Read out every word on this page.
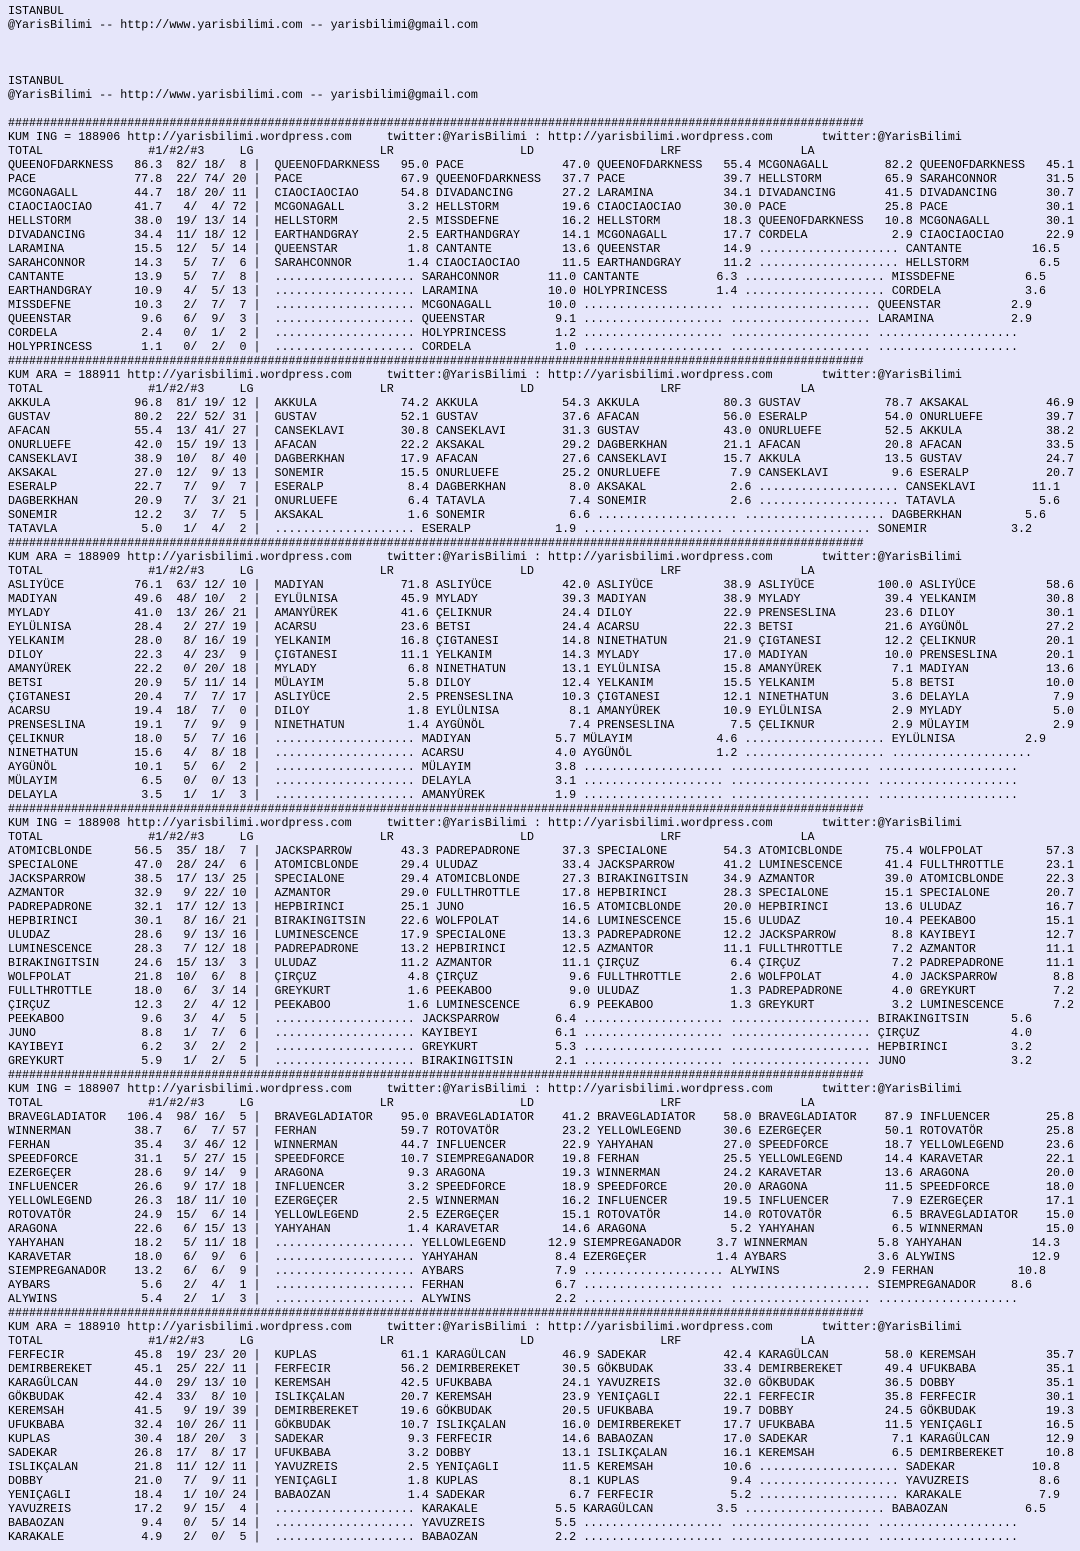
ISTANBUL
@YarisBilimi -- http://www.yarisbilimi.com -- yarisbilimi@gmail.com

ISTANBUL
@YarisBilimi -- http://www.yarisbilimi.com -- yarisbilimi@gmail.com

##########################################################################################################################
KUM ING = 188906 http://yarisbilimi.wordpress.com     twitter:@YarisBilimi : http://yarisbilimi.wordpress.com       twitter:@YarisBilimi
TOTAL               #1/#2/#3     LG                  LR                  LD                  LRF                 LA
QUEENOFDARKNESS   86.3  82/ 18/  8 |  QUEENOFDARKNESS   95.0 PACE              47.0 QUEENOFDARKNESS   55.4 MCGONAGALL        82.2 QUEENOFDARKNESS   45.1
PACE              77.8  22/ 74/ 20 |  PACE              67.9 QUEENOFDARKNESS   37.7 PACE              39.7 HELLSTORM         65.9 SARAHCONNOR       31.5
MCGONAGALL        44.7  18/ 20/ 11 |  CIAOCIAOCIAO      54.8 DIVADANCING       27.2 LARAMINA          34.1 DIVADANCING       41.5 DIVADANCING       30.7
CIAOCIAOCIAO      41.7   4/  4/ 72 |  MCGONAGALL         3.2 HELLSTORM         19.6 CIAOCIAOCIAO      30.0 PACE              25.8 PACE              30.1
HELLSTORM         38.0  19/ 13/ 14 |  HELLSTORM          2.5 MISSDEFNE         16.2 HELLSTORM         18.3 QUEENOFDARKNESS   10.8 MCGONAGALL        30.1
DIVADANCING       34.4  11/ 18/ 12 |  EARTHANDGRAY       2.5 EARTHANDGRAY      14.1 MCGONAGALL        17.7 CORDELA            2.9 CIAOCIAOCIAO      22.9
LARAMINA          15.5  12/  5/ 14 |  QUEENSTAR          1.8 CANTANTE          13.6 QUEENSTAR         14.9 .................... CANTANTE          16.5
SARAHCONNOR       14.3   5/  7/  6 |  SARAHCONNOR        1.4 CIAOCIAOCIAO      11.5 EARTHANDGRAY      11.2 .................... HELLSTORM          6.5
CANTANTE          13.9   5/  7/  8 |  .................... SARAHCONNOR       11.0 CANTANTE           6.3 .................... MISSDEFNE          6.5
EARTHANDGRAY      10.9   4/  5/ 13 |  .................... LARAMINA          10.0 HOLYPRINCESS       1.4 .................... CORDELA            3.6
MISSDEFNE         10.3   2/  7/  7 |  .................... MCGONAGALL        10.0 .................... .................... QUEENSTAR          2.9
QUEENSTAR          9.6   6/  9/  3 |  .................... QUEENSTAR          9.1 .................... .................... LARAMINA           2.9
CORDELA            2.4   0/  1/  2 |  .................... HOLYPRINCESS       1.2 .................... .................... ....................
HOLYPRINCESS       1.1   0/  2/  0 |  .................... CORDELA            1.0 .................... .................... ....................
##########################################################################################################################
KUM ARA = 188911 http://yarisbilimi.wordpress.com     twitter:@YarisBilimi : http://yarisbilimi.wordpress.com       twitter:@YarisBilimi
TOTAL               #1/#2/#3     LG                  LR                  LD                  LRF                 LA
AKKULA            96.8  81/ 19/ 12 |  AKKULA            74.2 AKKULA            54.3 AKKULA            80.3 GUSTAV            78.7 AKSAKAL           46.9
GUSTAV            80.2  22/ 52/ 31 |  GUSTAV            52.1 GUSTAV            37.6 AFACAN            56.0 ESERALP           54.0 ONURLUEFE         39.7
AFACAN            55.4  13/ 41/ 27 |  CANSEKLAVI        30.8 CANSEKLAVI        31.3 GUSTAV            43.0 ONURLUEFE         52.5 AKKULA            38.2
ONURLUEFE         42.0  15/ 19/ 13 |  AFACAN            22.2 AKSAKAL           29.2 DAGBERKHAN        21.1 AFACAN            20.8 AFACAN            33.5
CANSEKLAVI        38.9  10/  8/ 40 |  DAGBERKHAN        17.9 AFACAN            27.6 CANSEKLAVI        15.7 AKKULA            13.5 GUSTAV            24.7
AKSAKAL           27.0  12/  9/ 13 |  SONEMIR           15.5 ONURLUEFE         25.2 ONURLUEFE          7.9 CANSEKLAVI         9.6 ESERALP           20.7
ESERALP           22.7   7/  9/  7 |  ESERALP            8.4 DAGBERKHAN         8.0 AKSAKAL            2.6 .................... CANSEKLAVI        11.1
DAGBERKHAN        20.9   7/  3/ 21 |  ONURLUEFE          6.4 TATAVLA            7.4 SONEMIR            2.6 .................... TATAVLA            5.6
SONEMIR           12.2   3/  7/  5 |  AKSAKAL            1.6 SONEMIR            6.6 .................... .................... DAGBERKHAN         5.6
TATAVLA            5.0   1/  4/  2 |  .................... ESERALP            1.9 .................... .................... SONEMIR            3.2
##########################################################################################################################
KUM ARA = 188909 http://yarisbilimi.wordpress.com     twitter:@YarisBilimi : http://yarisbilimi.wordpress.com       twitter:@YarisBilimi
TOTAL               #1/#2/#3     LG                  LR                  LD                  LRF                 LA
ASLIYÜCE          76.1  63/ 12/ 10 |  MADIYAN           71.8 ASLIYÜCE          42.0 ASLIYÜCE          38.9 ASLIYÜCE         100.0 ASLIYÜCE          58.6
MADIYAN           49.6  48/ 10/  2 |  EYLÜLNISA         45.9 MYLADY            39.3 MADIYAN           38.9 MYLADY            39.4 YELKANIM          30.8
MYLADY            41.0  13/ 26/ 21 |  AMANYÜREK         41.6 ÇELIKNUR          24.4 DILOY             22.9 PRENSESLINA       23.6 DILOY             30.1
EYLÜLNISA         28.4   2/ 27/ 19 |  ACARSU            23.6 BETSI             24.4 ACARSU            22.3 BETSI             21.6 AYGÜNÖL           27.2
YELKANIM          28.0   8/ 16/ 19 |  YELKANIM          16.8 ÇIGTANESI         14.8 NINETHATUN        21.9 ÇIGTANESI         12.2 ÇELIKNUR          20.1
DILOY             22.3   4/ 23/  9 |  ÇIGTANESI         11.1 YELKANIM          14.3 MYLADY            17.0 MADIYAN           10.0 PRENSESLINA       20.1
AMANYÜREK         22.2   0/ 20/ 18 |  MYLADY             6.8 NINETHATUN        13.1 EYLÜLNISA         15.8 AMANYÜREK          7.1 MADIYAN           13.6
BETSI             20.9   5/ 11/ 14 |  MÜLAYIM            5.8 DILOY             12.4 YELKANIM          15.5 YELKANIM           5.8 BETSI             10.0
ÇIGTANESI         20.4   7/  7/ 17 |  ASLIYÜCE           2.5 PRENSESLINA       10.3 ÇIGTANESI         12.1 NINETHATUN         3.6 DELAYLA            7.9
ACARSU            19.4  18/  7/  0 |  DILOY              1.8 EYLÜLNISA          8.1 AMANYÜREK         10.9 EYLÜLNISA          2.9 MYLADY             5.0
PRENSESLINA       19.1   7/  9/  9 |  NINETHATUN         1.4 AYGÜNÖL            7.4 PRENSESLINA        7.5 ÇELIKNUR           2.9 MÜLAYIM            2.9
ÇELIKNUR          18.0   5/  7/ 16 |  .................... MADIYAN            5.7 MÜLAYIM            4.6 .................... EYLÜLNISA          2.9
NINETHATUN        15.6   4/  8/ 18 |  .................... ACARSU             4.0 AYGÜNÖL            1.2 .................... ....................
AYGÜNÖL           10.1   5/  6/  2 |  .................... MÜLAYIM            3.8 .................... .................... ....................
MÜLAYIM            6.5   0/  0/ 13 |  .................... DELAYLA            3.1 .................... .................... ....................
DELAYLA            3.5   1/  1/  3 |  .................... AMANYÜREK          1.9 .................... .................... ....................
##########################################################################################################################
KUM ING = 188908 http://yarisbilimi.wordpress.com     twitter:@YarisBilimi : http://yarisbilimi.wordpress.com       twitter:@YarisBilimi
TOTAL               #1/#2/#3     LG                  LR                  LD                  LRF                 LA
ATOMICBLONDE      56.5  35/ 18/  7 |  JACKSPARROW       43.3 PADREPADRONE      37.3 SPECIALONE        54.3 ATOMICBLONDE      75.4 WOLFPOLAT         57.3
SPECIALONE        47.0  28/ 24/  6 |  ATOMICBLONDE      29.4 ULUDAZ            33.4 JACKSPARROW       41.2 LUMINESCENCE      41.4 FULLTHROTTLE      23.1
JACKSPARROW       38.5  17/ 13/ 25 |  SPECIALONE        29.4 ATOMICBLONDE      27.3 BIRAKINGITSIN     34.9 AZMANTOR          39.0 ATOMICBLONDE      22.3
AZMANTOR          32.9   9/ 22/ 10 |  AZMANTOR          29.0 FULLTHROTTLE      17.8 HEPBIRINCI        28.3 SPECIALONE        15.1 SPECIALONE        20.7
PADREPADRONE      32.1  17/ 12/ 13 |  HEPBIRINCI        25.1 JUNO              16.5 ATOMICBLONDE      20.0 HEPBIRINCI        13.6 ULUDAZ            16.7
HEPBIRINCI        30.1   8/ 16/ 21 |  BIRAKINGITSIN     22.6 WOLFPOLAT         14.6 LUMINESCENCE      15.6 ULUDAZ            10.4 PEEKABOO          15.1
ULUDAZ            28.6   9/ 13/ 16 |  LUMINESCENCE      17.9 SPECIALONE        13.3 PADREPADRONE      12.2 JACKSPARROW        8.8 KAYIBEYI          12.7
LUMINESCENCE      28.3   7/ 12/ 18 |  PADREPADRONE      13.2 HEPBIRINCI        12.5 AZMANTOR          11.1 FULLTHROTTLE       7.2 AZMANTOR          11.1
BIRAKINGITSIN     24.6  15/ 13/  3 |  ULUDAZ            11.2 AZMANTOR          11.1 ÇIRÇUZ             6.4 ÇIRÇUZ             7.2 PADREPADRONE      11.1
WOLFPOLAT         21.8  10/  6/  8 |  ÇIRÇUZ             4.8 ÇIRÇUZ             9.6 FULLTHROTTLE       2.6 WOLFPOLAT          4.0 JACKSPARROW        8.8
FULLTHROTTLE      18.0   6/  3/ 14 |  GREYKURT           1.6 PEEKABOO           9.0 ULUDAZ             1.3 PADREPADRONE       4.0 GREYKURT           7.2
ÇIRÇUZ            12.3   2/  4/ 12 |  PEEKABOO           1.6 LUMINESCENCE       6.9 PEEKABOO           1.3 GREYKURT           3.2 LUMINESCENCE       7.2
PEEKABOO           9.6   3/  4/  5 |  .................... JACKSPARROW        6.4 .................... .................... BIRAKINGITSIN      5.6
JUNO               8.8   1/  7/  6 |  .................... KAYIBEYI           6.1 .................... .................... ÇIRÇUZ             4.0
KAYIBEYI           6.2   3/  2/  2 |  .................... GREYKURT           5.3 .................... .................... HEPBIRINCI         3.2
GREYKURT           5.9   1/  2/  5 |  .................... BIRAKINGITSIN      2.1 .................... .................... JUNO               3.2
##########################################################################################################################
KUM ING = 188907 http://yarisbilimi.wordpress.com     twitter:@YarisBilimi : http://yarisbilimi.wordpress.com       twitter:@YarisBilimi
TOTAL               #1/#2/#3     LG                  LR                  LD                  LRF                 LA
BRAVEGLADIATOR   106.4  98/ 16/  5 |  BRAVEGLADIATOR    95.0 BRAVEGLADIATOR    41.2 BRAVEGLADIATOR    58.0 BRAVEGLADIATOR    87.9 INFLUENCER        25.8
WINNERMAN         38.7   6/  7/ 57 |  FERHAN            59.7 ROTOVATÖR         23.2 YELLOWLEGEND      30.6 EZERGEÇER         50.1 ROTOVATÖR         25.8
FERHAN            35.4   3/ 46/ 12 |  WINNERMAN         44.7 INFLUENCER        22.9 YAHYAHAN          27.0 SPEEDFORCE        18.7 YELLOWLEGEND      23.6
SPEEDFORCE        31.1   5/ 27/ 15 |  SPEEDFORCE        10.7 SIEMPREGANADOR    19.8 FERHAN            25.5 YELLOWLEGEND      14.4 KARAVETAR         22.1
EZERGEÇER         28.6   9/ 14/  9 |  ARAGONA            9.3 ARAGONA           19.3 WINNERMAN         24.2 KARAVETAR         13.6 ARAGONA           20.0
INFLUENCER        26.6   9/ 17/ 18 |  INFLUENCER         3.2 SPEEDFORCE        18.9 SPEEDFORCE        20.0 ARAGONA           11.5 SPEEDFORCE        18.0
YELLOWLEGEND      26.3  18/ 11/ 10 |  EZERGEÇER          2.5 WINNERMAN         16.2 INFLUENCER        19.5 INFLUENCER         7.9 EZERGEÇER         17.1
ROTOVATÖR         24.9  15/  6/ 14 |  YELLOWLEGEND       2.5 EZERGEÇER         15.1 ROTOVATÖR         14.0 ROTOVATÖR          6.5 BRAVEGLADIATOR    15.0
ARAGONA           22.6   6/ 15/ 13 |  YAHYAHAN           1.4 KARAVETAR         14.6 ARAGONA            5.2 YAHYAHAN           6.5 WINNERMAN         15.0
YAHYAHAN          18.2   5/ 11/ 18 |  .................... YELLOWLEGEND      12.9 SIEMPREGANADOR     3.7 WINNERMAN          5.8 YAHYAHAN          14.3
KARAVETAR         18.0   6/  9/  6 |  .................... YAHYAHAN           8.4 EZERGEÇER          1.4 AYBARS             3.6 ALYWINS           12.9
SIEMPREGANADOR    13.2   6/  6/  9 |  .................... AYBARS             7.9 .................... ALYWINS            2.9 FERHAN            10.8
AYBARS             5.6   2/  4/  1 |  .................... FERHAN             6.7 .................... .................... SIEMPREGANADOR     8.6
ALYWINS            5.4   2/  1/  3 |  .................... ALYWINS            2.2 .................... .................... ....................
##########################################################################################################################
KUM ARA = 188910 http://yarisbilimi.wordpress.com     twitter:@YarisBilimi : http://yarisbilimi.wordpress.com       twitter:@YarisBilimi
TOTAL               #1/#2/#3     LG                  LR                  LD                  LRF                 LA
FERFECIR          45.8  19/ 23/ 20 |  KUPLAS            61.1 KARAGÜLCAN        46.9 SADEKAR           42.4 KARAGÜLCAN        58.0 KEREMSAH          35.7
DEMIRBEREKET      45.1  25/ 22/ 11 |  FERFECIR          56.2 DEMIRBEREKET      30.5 GÖKBUDAK          33.4 DEMIRBEREKET      49.4 UFUKBABA          35.1
KARAGÜLCAN        44.0  29/ 13/ 10 |  KEREMSAH          42.5 UFUKBABA          24.1 YAVUZREIS         32.0 GÖKBUDAK          36.5 DOBBY             35.1
GÖKBUDAK          42.4  33/  8/ 10 |  ISLIKÇALAN        20.7 KEREMSAH          23.9 YENIÇAGLI         22.1 FERFECIR          35.8 FERFECIR          30.1
KEREMSAH          41.5   9/ 19/ 39 |  DEMIRBEREKET      19.6 GÖKBUDAK          20.5 UFUKBABA          19.7 DOBBY             24.5 GÖKBUDAK          19.3
UFUKBABA          32.4  10/ 26/ 11 |  GÖKBUDAK          10.7 ISLIKÇALAN        16.0 DEMIRBEREKET      17.7 UFUKBABA          11.5 YENIÇAGLI         16.5
KUPLAS            30.4  18/ 20/  3 |  SADEKAR            9.3 FERFECIR          14.6 BABAOZAN          17.0 SADEKAR            7.1 KARAGÜLCAN        12.9
SADEKAR           26.8  17/  8/ 17 |  UFUKBABA           3.2 DOBBY             13.1 ISLIKÇALAN        16.1 KEREMSAH           6.5 DEMIRBEREKET      10.8
ISLIKÇALAN        21.8  11/ 12/ 11 |  YAVUZREIS          2.5 YENIÇAGLI         11.5 KEREMSAH          10.6 .................... SADEKAR           10.8
DOBBY             21.0   7/  9/ 11 |  YENIÇAGLI          1.8 KUPLAS             8.1 KUPLAS             9.4 .................... YAVUZREIS          8.6
YENIÇAGLI         18.4   1/ 10/ 24 |  BABAOZAN           1.4 SADEKAR            6.7 FERFECIR           5.2 .................... KARAKALE           7.9
YAVUZREIS         17.2   9/ 15/  4 |  .................... KARAKALE           5.5 KARAGÜLCAN         3.5 .................... BABAOZAN           6.5
BABAOZAN           9.4   0/  5/ 14 |  .................... YAVUZREIS          5.5 .................... .................... ....................
KARAKALE           4.9   2/  0/  5 |  .................... BABAOZAN           2.2 .................... .................... ....................
